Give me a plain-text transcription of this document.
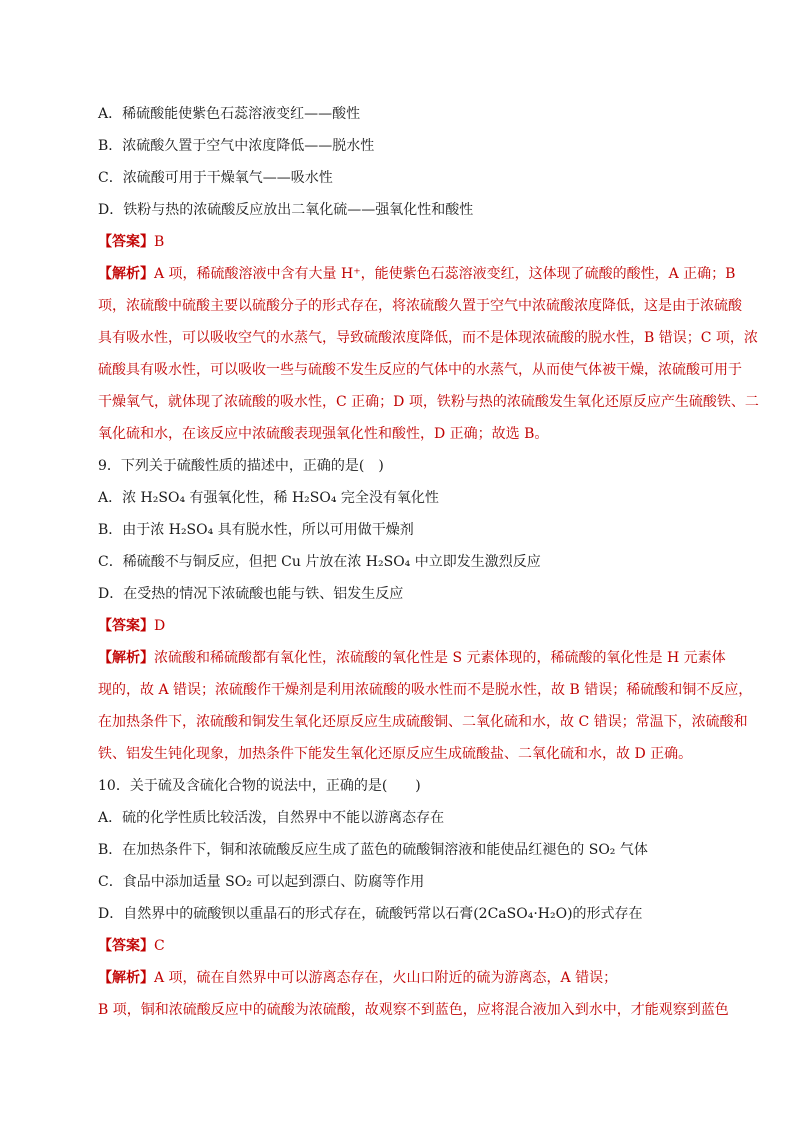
A．稀硫酸能使紫色石蕊溶液变红——酸性
B．浓硫酸久置于空气中浓度降低——脱水性
C．浓硫酸可用于干燥氧气——吸水性
D．铁粉与热的浓硫酸反应放出二氧化硫——强氧化性和酸性
【答案】B
【解析】A 项，稀硫酸溶液中含有大量 H⁺，能使紫色石蕊溶液变红，这体现了硫酸的酸性，A 正确；B
项，浓硫酸中硫酸主要以硫酸分子的形式存在，将浓硫酸久置于空气中浓硫酸浓度降低，这是由于浓硫酸
具有吸水性，可以吸收空气的水蒸气，导致硫酸浓度降低，而不是体现浓硫酸的脱水性，B 错误；C 项，浓
硫酸具有吸水性，可以吸收一些与硫酸不发生反应的气体中的水蒸气，从而使气体被干燥，浓硫酸可用于
干燥氧气，就体现了浓硫酸的吸水性，C 正确；D 项，铁粉与热的浓硫酸发生氧化还原反应产生硫酸铁、二
氧化硫和水，在该反应中浓硫酸表现强氧化性和酸性，D 正确；故选 B。
9．下列关于硫酸性质的描述中，正确的是(　)
A．浓 H₂SO₄ 有强氧化性，稀 H₂SO₄ 完全没有氧化性
B．由于浓 H₂SO₄ 具有脱水性，所以可用做干燥剂
C．稀硫酸不与铜反应，但把 Cu 片放在浓 H₂SO₄ 中立即发生激烈反应
D．在受热的情况下浓硫酸也能与铁、铝发生反应
【答案】D
【解析】浓硫酸和稀硫酸都有氧化性，浓硫酸的氧化性是 S 元素体现的，稀硫酸的氧化性是 H 元素体
现的，故 A 错误；浓硫酸作干燥剂是利用浓硫酸的吸水性而不是脱水性，故 B 错误；稀硫酸和铜不反应，
在加热条件下，浓硫酸和铜发生氧化还原反应生成硫酸铜、二氧化硫和水，故 C 错误；常温下，浓硫酸和
铁、铝发生钝化现象，加热条件下能发生氧化还原反应生成硫酸盐、二氧化硫和水，故 D 正确。
10．关于硫及含硫化合物的说法中，正确的是(　　)
A．硫的化学性质比较活泼，自然界中不能以游离态存在
B．在加热条件下，铜和浓硫酸反应生成了蓝色的硫酸铜溶液和能使品红褪色的 SO₂ 气体
C．食品中添加适量 SO₂ 可以起到漂白、防腐等作用
D．自然界中的硫酸钡以重晶石的形式存在，硫酸钙常以石膏(2CaSO₄·H₂O)的形式存在
【答案】C
【解析】A 项，硫在自然界中可以游离态存在，火山口附近的硫为游离态，A 错误；
B 项，铜和浓硫酸反应中的硫酸为浓硫酸，故观察不到蓝色，应将混合液加入到水中，才能观察到蓝色
